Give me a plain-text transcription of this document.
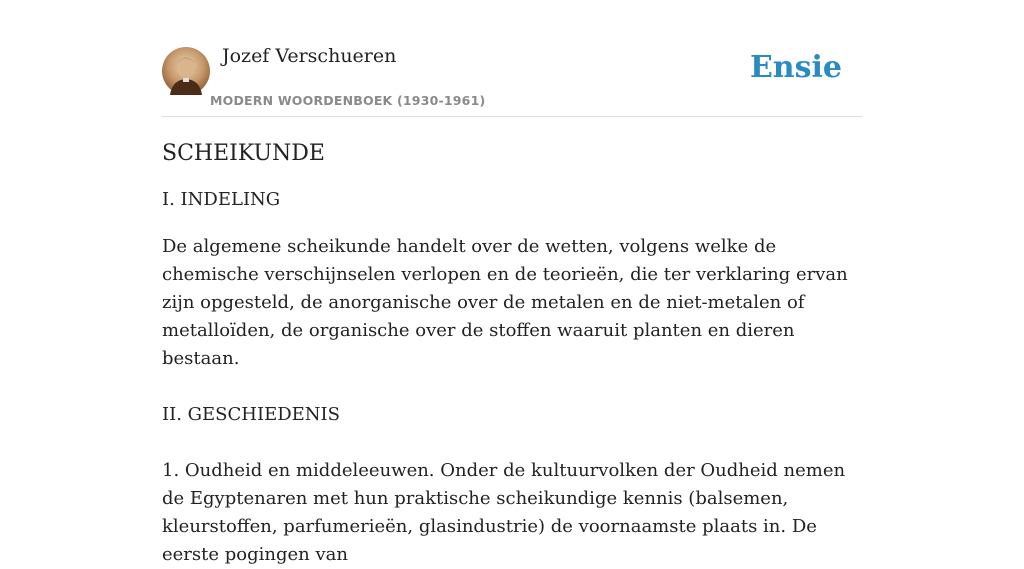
Jozef Verschueren
MODERN WOORDENBOEK (1930-1961)
Ensie
SCHEIKUNDE
I. INDELING

De algemene scheikunde handelt over de wetten, volgens welke de chemische verschijnselen verlopen en de teorieën, die ter verklaring ervan zijn opgesteld, de anorganische over de metalen en de niet-metalen of metalloïden, de organische over de stoffen waaruit planten en dieren bestaan.

II. GESCHIEDENIS

1. Oudheid en middeleeuwen. Onder de kultuurvolken der Oudheid nemen de Egyptenaren met hun praktische scheikundige kennis (balsemen, kleurstoffen, parfumerieën, glasindustrie) de voornaamste plaats in. De eerste pogingen van
